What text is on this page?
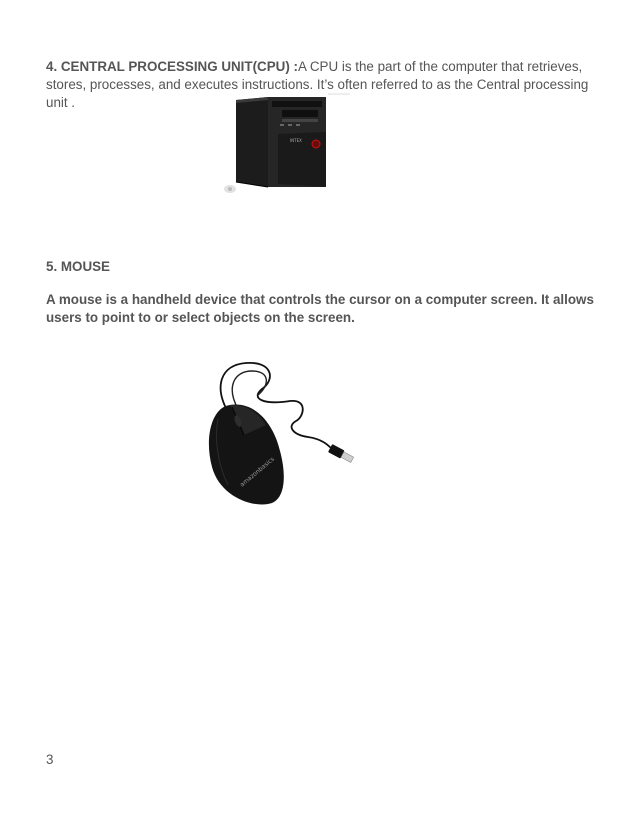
4. CENTRAL PROCESSING UNIT(CPU) :A CPU is the part of the computer that retrieves, stores, processes, and executes instructions. It’s often referred to as the Central processing unit .

INTEX

5. MOUSE

A mouse is a handheld device that controls the cursor on a computer screen. It allows users to point to or select objects on the screen.

amazonbasics

3
